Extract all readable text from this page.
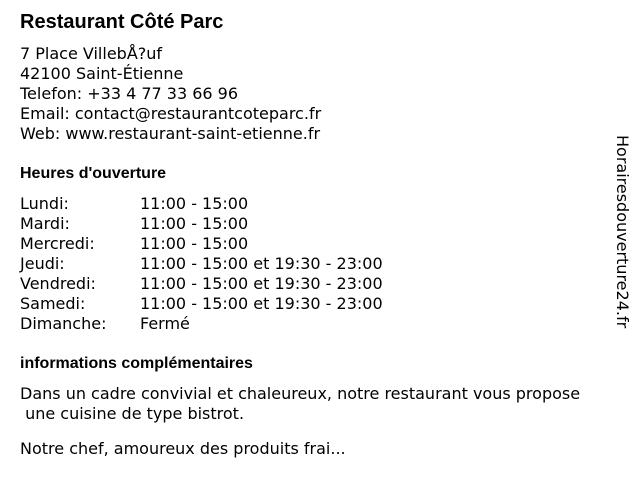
Restaurant Côté Parc
7 Place VillebÅ?uf
42100 Saint-Étienne
Telefon: +33 4 77 33 66 96
Email: contact@restaurantcoteparc.fr
Web: www.restaurant-saint-etienne.fr
Heures d'ouverture
Lundi:	11:00 - 15:00
Mardi:	11:00 - 15:00
Mercredi:	11:00 - 15:00
Jeudi:	11:00 - 15:00 et 19:30 - 23:00
Vendredi:	11:00 - 15:00 et 19:30 - 23:00
Samedi:	11:00 - 15:00 et 19:30 - 23:00
Dimanche: Fermé
informations complémentaires
Dans un cadre convivial et chaleureux, notre restaurant vous propose
une cuisine de type bistrot.
Notre chef, amoureux des produits frai...
Horairesdouverture24.fr
